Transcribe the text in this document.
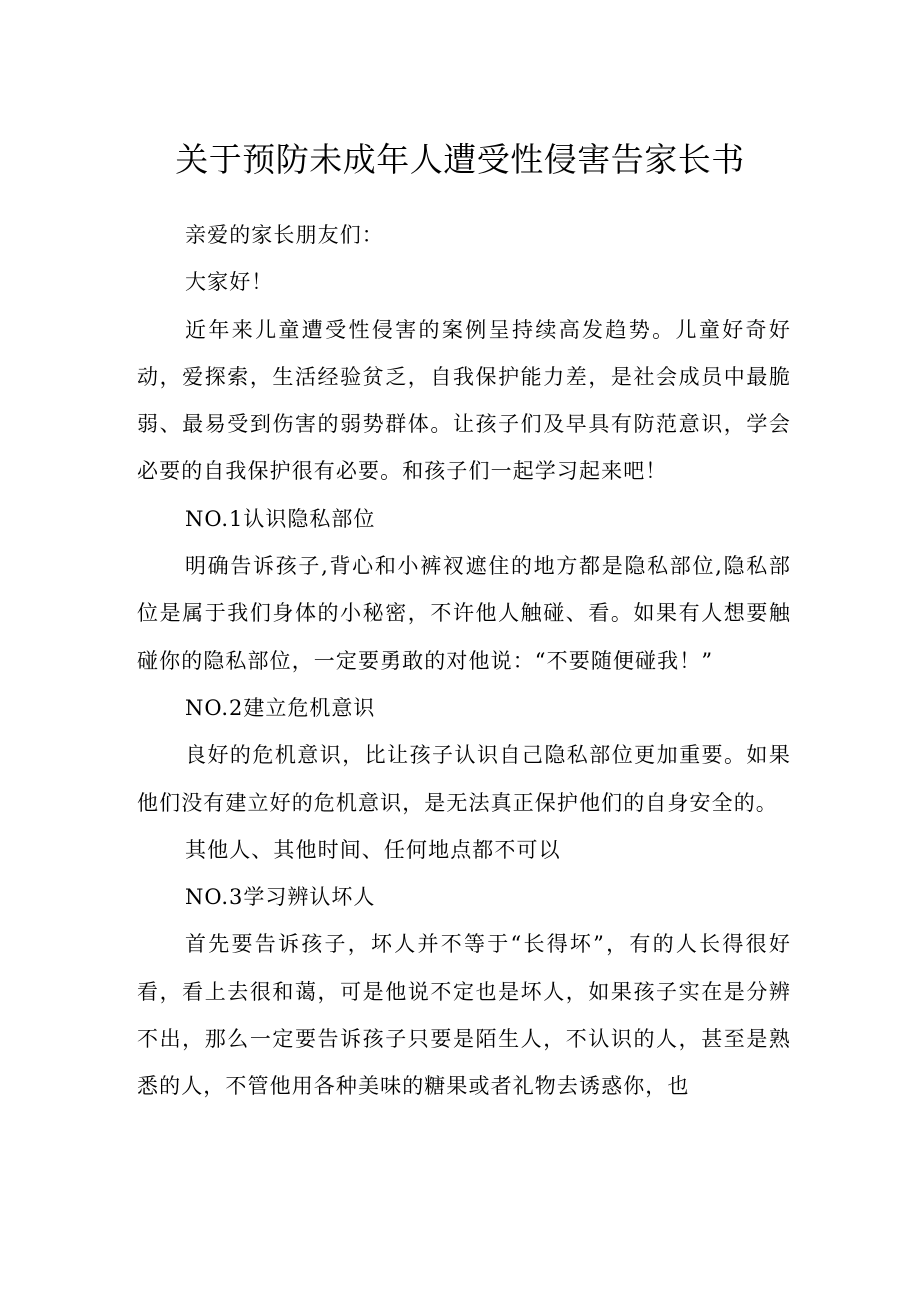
关于预防未成年人遭受性侵害告家长书

亲爱的家长朋友们：

大家好！

近年来儿童遭受性侵害的案例呈持续高发趋势。儿童好奇好动，爱探索，生活经验贫乏，自我保护能力差，是社会成员中最脆弱、最易受到伤害的弱势群体。让孩子们及早具有防范意识，学会必要的自我保护很有必要。和孩子们一起学习起来吧！

NO.1认识隐私部位

明确告诉孩子,背心和小裤衩遮住的地方都是隐私部位,隐私部位是属于我们身体的小秘密，不许他人触碰、看。如果有人想要触碰你的隐私部位，一定要勇敢的对他说：“不要随便碰我！”

NO.2建立危机意识

良好的危机意识，比让孩子认识自己隐私部位更加重要。如果他们没有建立好的危机意识，是无法真正保护他们的自身安全的。

其他人、其他时间、任何地点都不可以

NO.3学习辨认坏人

首先要告诉孩子，坏人并不等于“长得坏”，有的人长得很好看，看上去很和蔼，可是他说不定也是坏人，如果孩子实在是分辨不出，那么一定要告诉孩子只要是陌生人，不认识的人，甚至是熟悉的人，不管他用各种美味的糖果或者礼物去诱惑你，也
